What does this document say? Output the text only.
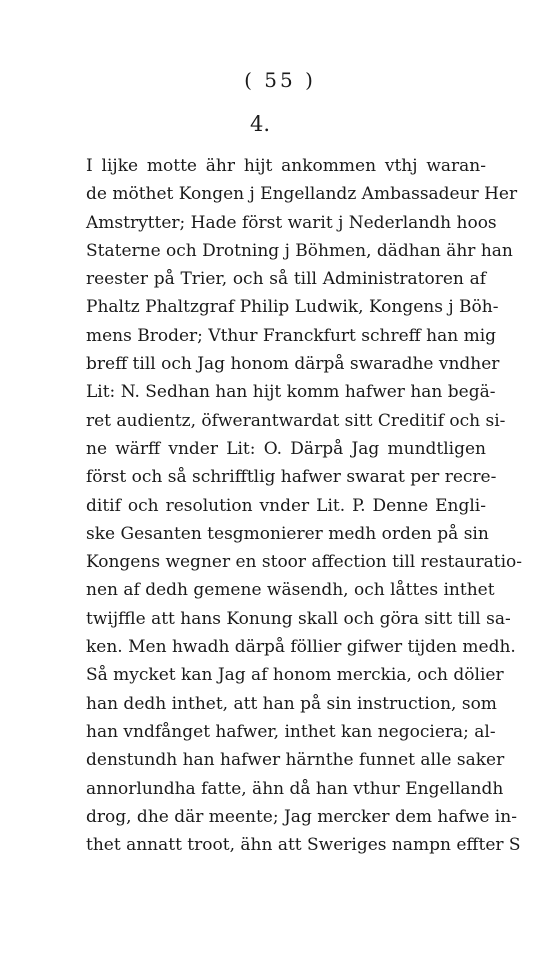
( 55 )
4.
I lijke motte ähr hijt ankommen vthj waran-
de möthet Kongen j Engellandz Ambassadeur Her
Amstrytter; Hade först warit j Nederlandh hoos
Staterne och Drotning j Böhmen, dädhan ähr han
reester på Trier, och så till Administratoren af
Phaltz Phaltzgraf Philip Ludwik, Kongens j Böh-
mens Broder; Vthur Franckfurt schreff han mig
breff till och Jag honom därpå swaradhe vndher
Lit: N. Sedhan han hijt komm hafwer han begä-
ret audientz, öfwerantwardat sitt Creditif och si-
ne wärff vnder Lit: O. Därpå Jag mundtligen
först och så schrifftlig hafwer swarat per recre-
ditif och resolution vnder Lit. P. Denne Engli-
ske Gesanten tesgmonierer medh orden på sin
Kongens wegner en stoor affection till restauratio-
nen af dedh gemene wäsendh, och låttes inthet
twijffle att hans Konung skall och göra sitt till sa-
ken. Men hwadh därpå föllier gifwer tijden medh.
Så mycket kan Jag af honom merckia, och dölier
han dedh inthet, att han på sin instruction, som
han vndfånget hafwer, inthet kan negociera; al-
denstundh han hafwer härnthe funnet alle saker
annorlundha fatte, ähn då han vthur Engellandh
drog, dhe där meente; Jag mercker dem hafwe in-
thet annatt troot, ähn att Sweriges nampn effter S
